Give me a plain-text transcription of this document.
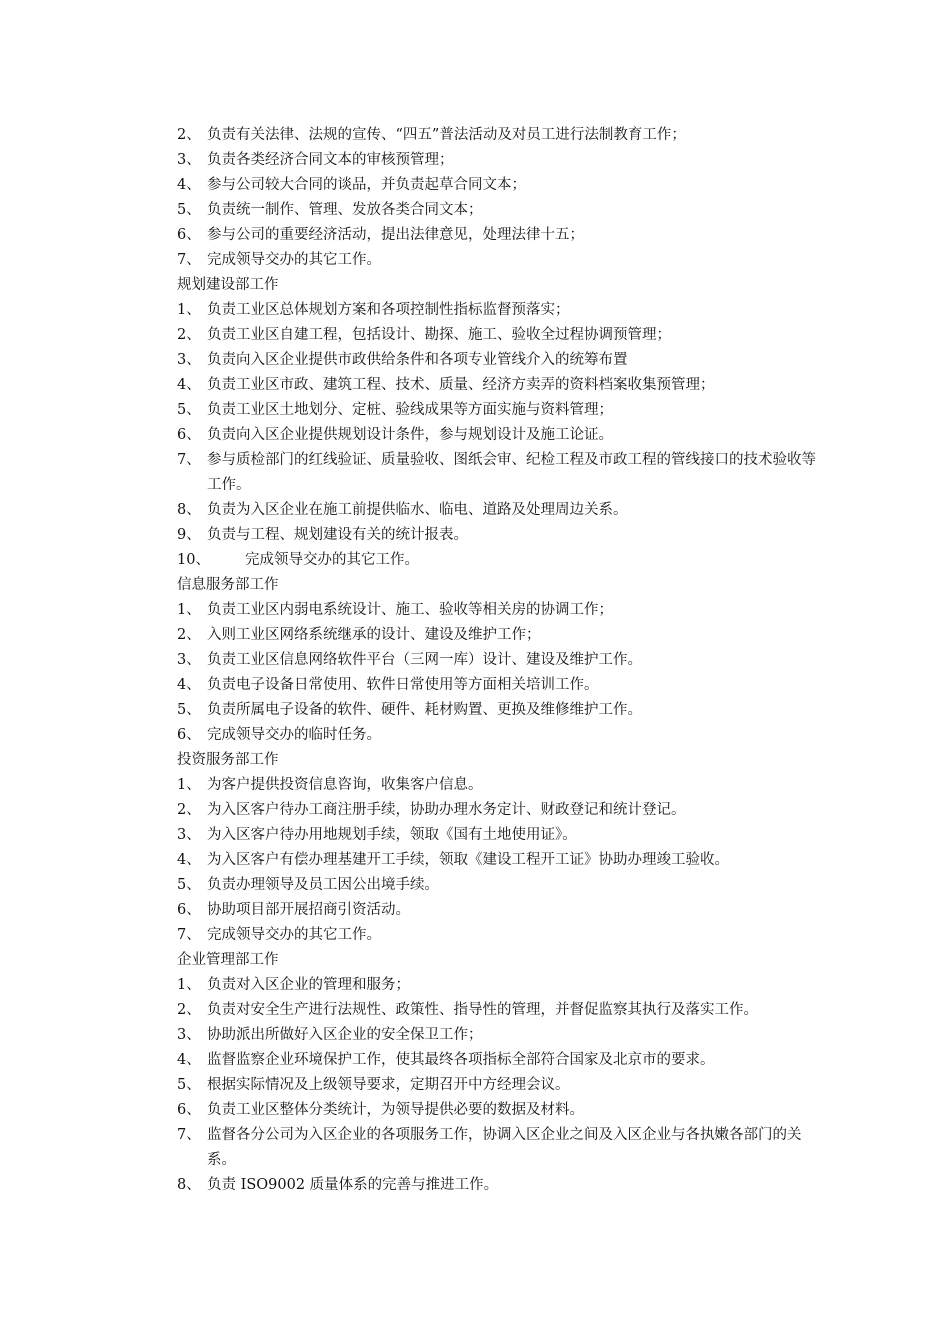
2、 负责有关法律、法规的宣传、“四五”普法活动及对员工进行法制教育工作；
3、 负责各类经济合同文本的审核预管理；
4、 参与公司较大合同的谈品，并负责起草合同文本；
5、 负责统一制作、管理、发放各类合同文本；
6、 参与公司的重要经济活动，提出法律意见，处理法律十五；
7、 完成领导交办的其它工作。
规划建设部工作
1、 负责工业区总体规划方案和各项控制性指标监督预落实；
2、 负责工业区自建工程，包括设计、勘探、施工、验收全过程协调预管理；
3、 负责向入区企业提供市政供给条件和各项专业管线介入的统筹布置
4、 负责工业区市政、建筑工程、技术、质量、经济方卖弄的资料档案收集预管理；
5、 负责工业区土地划分、定桩、验线成果等方面实施与资料管理；
6、 负责向入区企业提供规划设计条件，参与规划设计及施工论证。
7、 参与质检部门的红线验证、质量验收、图纸会审、纪检工程及市政工程的管线接口的技术验收等工作。
8、 负责为入区企业在施工前提供临水、临电、道路及处理周边关系。
9、 负责与工程、规划建设有关的统计报表。
10、	完成领导交办的其它工作。
信息服务部工作
1、 负责工业区内弱电系统设计、施工、验收等相关房的协调工作；
2、 入则工业区网络系统继承的设计、建设及维护工作；
3、 负责工业区信息网络软件平台（三网一库）设计、建设及维护工作。
4、 负责电子设备日常使用、软件日常使用等方面相关培训工作。
5、 负责所属电子设备的软件、硬件、耗材购置、更换及维修维护工作。
6、 完成领导交办的临时任务。
投资服务部工作
1、 为客户提供投资信息咨询，收集客户信息。
2、 为入区客户待办工商注册手续，协助办理水务定计、财政登记和统计登记。
3、 为入区客户待办用地规划手续，领取《国有土地使用证》。
4、 为入区客户有偿办理基建开工手续，领取《建设工程开工证》协助办理竣工验收。
5、 负责办理领导及员工因公出境手续。
6、 协助项目部开展招商引资活动。
7、 完成领导交办的其它工作。
企业管理部工作
1、 负责对入区企业的管理和服务；
2、 负责对安全生产进行法规性、政策性、指导性的管理，并督促监察其执行及落实工作。
3、 协助派出所做好入区企业的安全保卫工作；
4、 监督监察企业环境保护工作，使其最终各项指标全部符合国家及北京市的要求。
5、 根据实际情况及上级领导要求，定期召开中方经理会议。
6、 负责工业区整体分类统计，为领导提供必要的数据及材料。
7、 监督各分公司为入区企业的各项服务工作，协调入区企业之间及入区企业与各执嫩各部门的关系。
8、 负责 ISO9002 质量体系的完善与推进工作。
